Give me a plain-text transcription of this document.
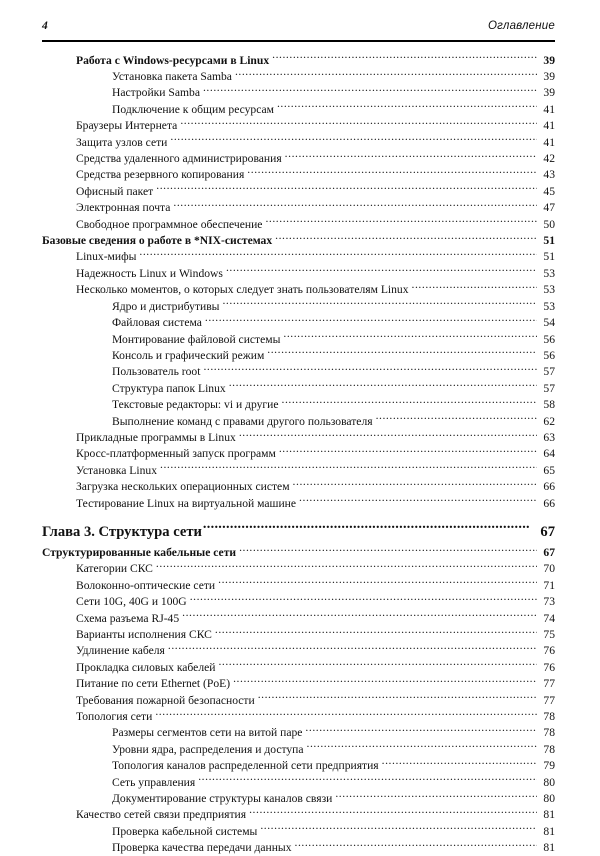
4	Оглавление
Работа с Windows-ресурсами в Linux .....	39
Установка пакета Samba .....	39
Настройки Samba .....	39
Подключение к общим ресурсам .....	41
Браузеры Интернета .....	41
Защита узлов сети .....	41
Средства удаленного администрирования .....	42
Средства резервного копирования .....	43
Офисный пакет .....	45
Электронная почта .....	47
Свободное программное обеспечение .....	50
Базовые сведения о работе в *NIX-системах .....	51
Linux-мифы .....	51
Надежность Linux и Windows .....	53
Несколько моментов, о которых следует знать пользователям Linux .....	53
Ядро и дистрибутивы .....	53
Файловая система .....	54
Монтирование файловой системы .....	56
Консоль и графический режим .....	56
Пользователь root .....	57
Структура папок Linux .....	57
Текстовые редакторы: vi и другие .....	58
Выполнение команд с правами другого пользователя .....	62
Прикладные программы в Linux .....	63
Кросс-платформенный запуск программ .....	64
Установка Linux .....	65
Загрузка нескольких операционных систем .....	66
Тестирование Linux на виртуальной машине .....	66
Глава 3. Структура сети .....	67
Структурированные кабельные сети .....	67
Категории СКС .....	70
Волоконно-оптические сети .....	71
Сети 10G, 40G и 100G .....	73
Схема разъема RJ-45 .....	74
Варианты исполнения СКС .....	75
Удлинение кабеля .....	76
Прокладка силовых кабелей .....	76
Питание по сети Ethernet (PoE) .....	77
Требования пожарной безопасности .....	77
Топология сети .....	78
Размеры сегментов сети на витой паре .....	78
Уровни ядра, распределения и доступа .....	78
Топология каналов распределенной сети предприятия .....	79
Сеть управления .....	80
Документирование структуры каналов связи .....	80
Качество сетей связи предприятия .....	81
Проверка кабельной системы .....	81
Проверка качества передачи данных .....	81
